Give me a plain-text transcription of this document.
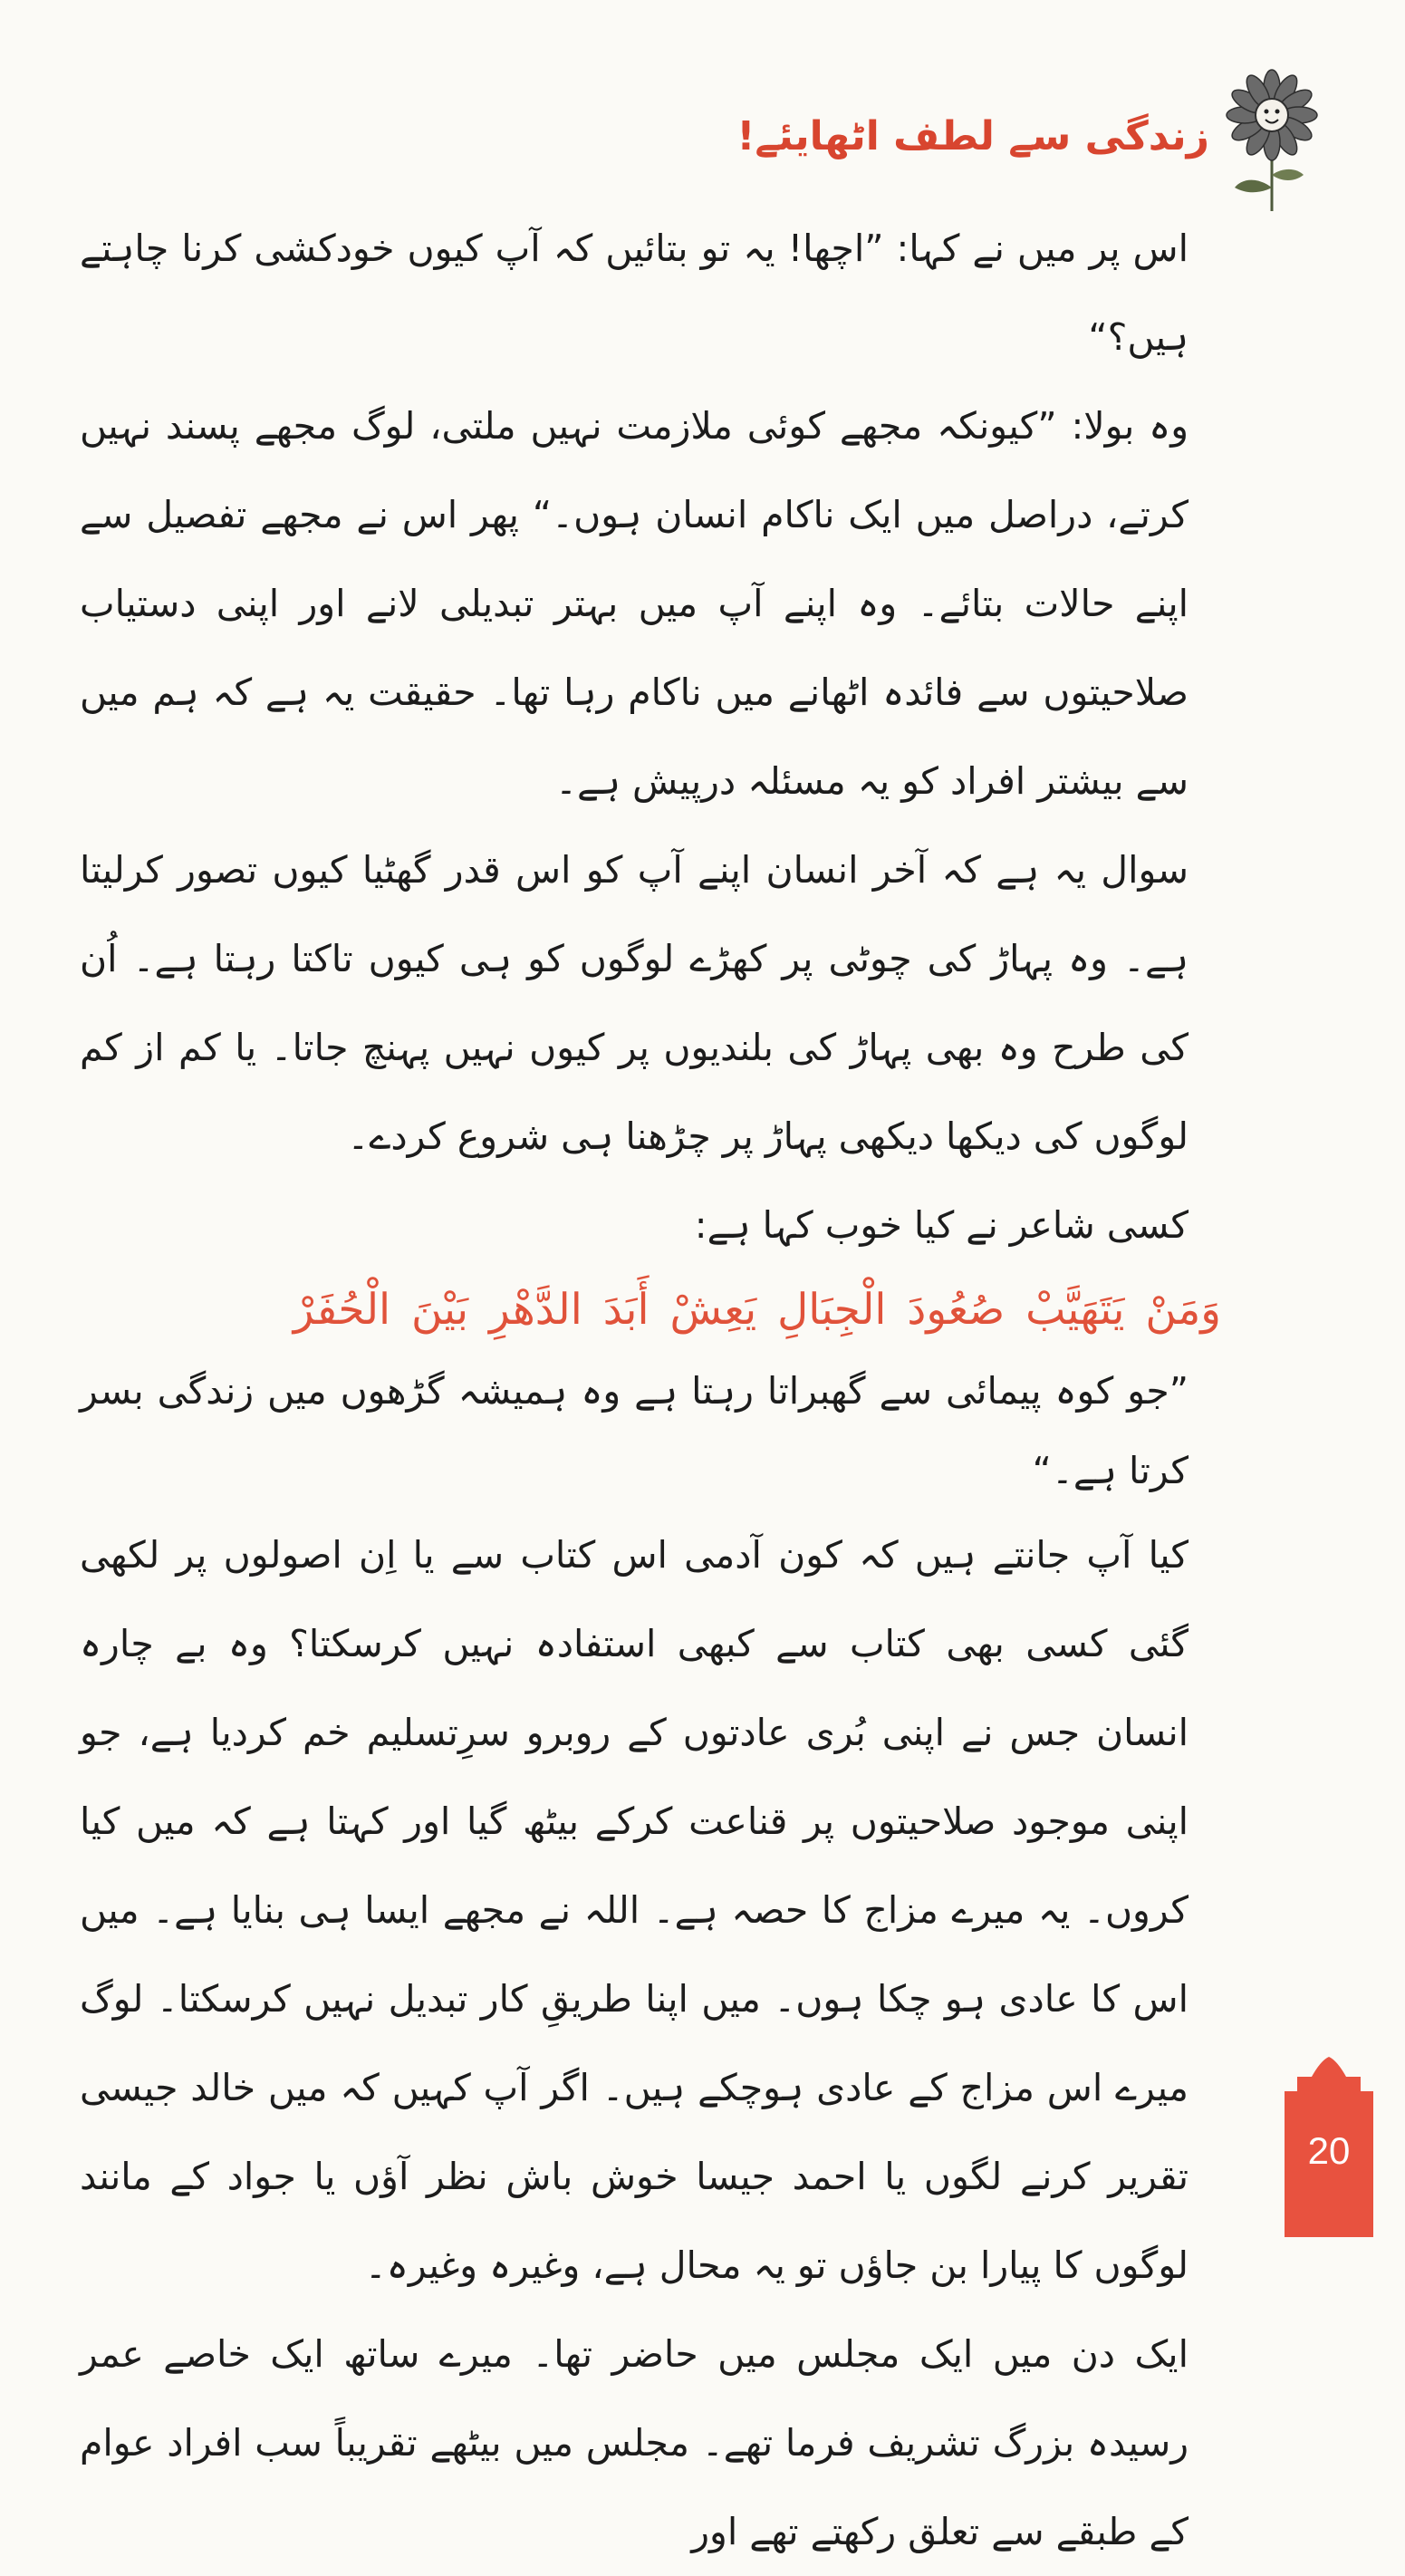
زندگی سے لطف اٹھایئے!

اس پر میں نے کہا: ”اچھا! یہ تو بتائیں کہ آپ کیوں خودکشی کرنا چاہتے ہیں؟“

وہ بولا: ”کیونکہ مجھے کوئی ملازمت نہیں ملتی، لوگ مجھے پسند نہیں کرتے، دراصل میں ایک ناکام انسان ہوں۔“ پھر اس نے مجھے تفصیل سے اپنے حالات بتائے۔ وہ اپنے آپ میں بہتر تبدیلی لانے اور اپنی دستیاب صلاحیتوں سے فائدہ اٹھانے میں ناکام رہا تھا۔ حقیقت یہ ہے کہ ہم میں سے بیشتر افراد کو یہ مسئلہ درپیش ہے۔

سوال یہ ہے کہ آخر انسان اپنے آپ کو اس قدر گھٹیا کیوں تصور کرلیتا ہے۔ وہ پہاڑ کی چوٹی پر کھڑے لوگوں کو ہی کیوں تاکتا رہتا ہے۔ اُن کی طرح وہ بھی پہاڑ کی بلندیوں پر کیوں نہیں پہنچ جاتا۔ یا کم از کم لوگوں کی دیکھا دیکھی پہاڑ پر چڑھنا ہی شروع کردے۔

کسی شاعر نے کیا خوب کہا ہے:

وَمَنْ يَتَهَيَّبْ صُعُودَ الْجِبَالِ يَعِشْ أَبَدَ الدَّهْرِ بَيْنَ الْحُفَرْ

”جو کوہ پیمائی سے گھبراتا رہتا ہے وہ ہمیشہ گڑھوں میں زندگی بسر کرتا ہے۔“

کیا آپ جانتے ہیں کہ کون آدمی اس کتاب سے یا اِن اصولوں پر لکھی گئی کسی بھی کتاب سے کبھی استفادہ نہیں کرسکتا؟ وہ بے چارہ انسان جس نے اپنی بُری عادتوں کے روبرو سرِتسلیم خم کردیا ہے، جو اپنی موجود صلاحیتوں پر قناعت کرکے بیٹھ گیا اور کہتا ہے کہ میں کیا کروں۔ یہ میرے مزاج کا حصہ ہے۔ اللہ نے مجھے ایسا ہی بنایا ہے۔ میں اس کا عادی ہو چکا ہوں۔ میں اپنا طریقِ کار تبدیل نہیں کرسکتا۔ لوگ میرے اس مزاج کے عادی ہوچکے ہیں۔ اگر آپ کہیں کہ میں خالد جیسی تقریر کرنے لگوں یا احمد جیسا خوش باش نظر آؤں یا جواد کے مانند لوگوں کا پیارا بن جاؤں تو یہ محال ہے، وغیرہ وغیرہ۔

ایک دن میں ایک مجلس میں حاضر تھا۔ میرے ساتھ ایک خاصے عمر رسیدہ بزرگ تشریف فرما تھے۔ مجلس میں بیٹھے تقریباً سب افراد عوام کے طبقے سے تعلق رکھتے تھے اور

20
